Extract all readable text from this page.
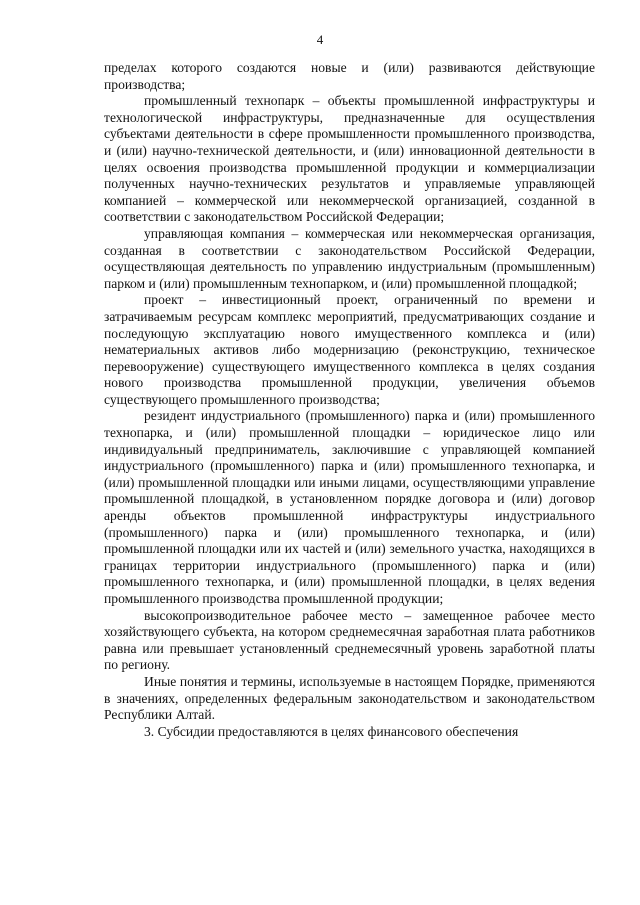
4

пределах которого создаются новые и (или) развиваются действующие производства;

промышленный технопарк – объекты промышленной инфраструктуры и технологической инфраструктуры, предназначенные для осуществления субъектами деятельности в сфере промышленности промышленного производства, и (или) научно-технической деятельности, и (или) инновационной деятельности в целях освоения производства промышленной продукции и коммерциализации полученных научно-технических результатов и управляемые управляющей компанией – коммерческой или некоммерческой организацией, созданной в соответствии с законодательством Российской Федерации;

управляющая компания – коммерческая или некоммерческая организация, созданная в соответствии с законодательством Российской Федерации, осуществляющая деятельность по управлению индустриальным (промышленным) парком и (или) промышленным технопарком, и (или) промышленной площадкой;

проект – инвестиционный проект, ограниченный по времени и затрачиваемым ресурсам комплекс мероприятий, предусматривающих создание и последующую эксплуатацию нового имущественного комплекса и (или) нематериальных активов либо модернизацию (реконструкцию, техническое перевооружение) существующего имущественного комплекса в целях создания нового производства промышленной продукции, увеличения объемов существующего промышленного производства;

резидент индустриального (промышленного) парка и (или) промышленного технопарка, и (или) промышленной площадки – юридическое лицо или индивидуальный предприниматель, заключившие с управляющей компанией индустриального (промышленного) парка и (или) промышленного технопарка, и (или) промышленной площадки или иными лицами, осуществляющими управление промышленной площадкой, в установленном порядке договора и (или) договор аренды объектов промышленной инфраструктуры индустриального (промышленного) парка и (или) промышленного технопарка, и (или) промышленной площадки или их частей и (или) земельного участка, находящихся в границах территории индустриального (промышленного) парка и (или) промышленного технопарка, и (или) промышленной площадки, в целях ведения промышленного производства промышленной продукции;

высокопроизводительное рабочее место – замещенное рабочее место хозяйствующего субъекта, на котором среднемесячная заработная плата работников равна или превышает установленный среднемесячный уровень заработной платы по региону.

Иные понятия и термины, используемые в настоящем Порядке, применяются в значениях, определенных федеральным законодательством и законодательством Республики Алтай.

3. Субсидии предоставляются в целях финансового обеспечения
